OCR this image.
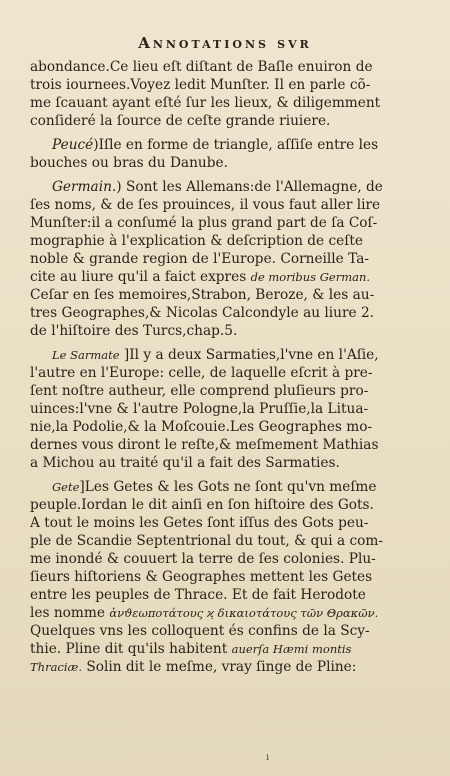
Annotations svr
abondance.Ce lieu eſt diſtant de Baſle enuiron de
trois iournees.Voyez ledit Munſter. Il en parle cõ-
me ſcauant ayant eſté ſur les lieux, & diligemment
conſideré la ſource de ceſte grande riuiere.
Peucé)Iſle en forme de triangle, aſſiſe entre les
bouches ou bras du Danube.
Germain.) Sont les Allemans:de l'Allemagne, de
ſes noms, & de ſes prouinces, il vous faut aller lire
Munſter:il a conſumé la plus grand part de ſa Coſ-
mographie à l'explication & deſcription de ceſte
noble & grande region de l'Europe. Corneille Ta-
cite au liure qu'il a faict expres de moribus German.
Ceſar en ſes memoires,Strabon, Beroze, & les au-
tres Geographes,& Nicolas Calcondyle au liure 2.
de l'hiſtoire des Turcs,chap.5.
Le Sarmate ]Il y a deux Sarmaties,l'vne en l'Aſie,
l'autre en l'Europe: celle, de laquelle eſcrit à pre-
ſent noſtre autheur, elle comprend pluſieurs pro-
uinces:l'vne & l'autre Pologne,la Pruſſie,la Litua-
nie,la Podolie,& la Moſcouie.Les Geographes mo-
dernes vous diront le reſte,& meſmement Mathias
a Michou au traité qu'il a fait des Sarmaties.
Gete]Les Getes & les Gots ne ſont qu'vn meſme
peuple.Iordan le dit ainſi en ſon hiſtoire des Gots.
A tout le moins les Getes ſont iſſus des Gots peu-
ple de Scandie Septentrional du tout, & qui a com-
me inondé & couuert la terre de ſes colonies. Plu-
ſieurs hiſtoriens & Geographes mettent les Getes
entre les peuples de Thrace. Et de fait Herodote
les nomme ἀνϑεωποτάτους ϰ̣ δικαιοτάτους τῶν Θρακῶν.
Quelques vns les colloquent és confins de la Scy-
thie. Pline dit qu'ils habitent auerſa Hæmi montis
Thraciæ. Solin dit le meſme, vray ſinge de Pline:
ı
